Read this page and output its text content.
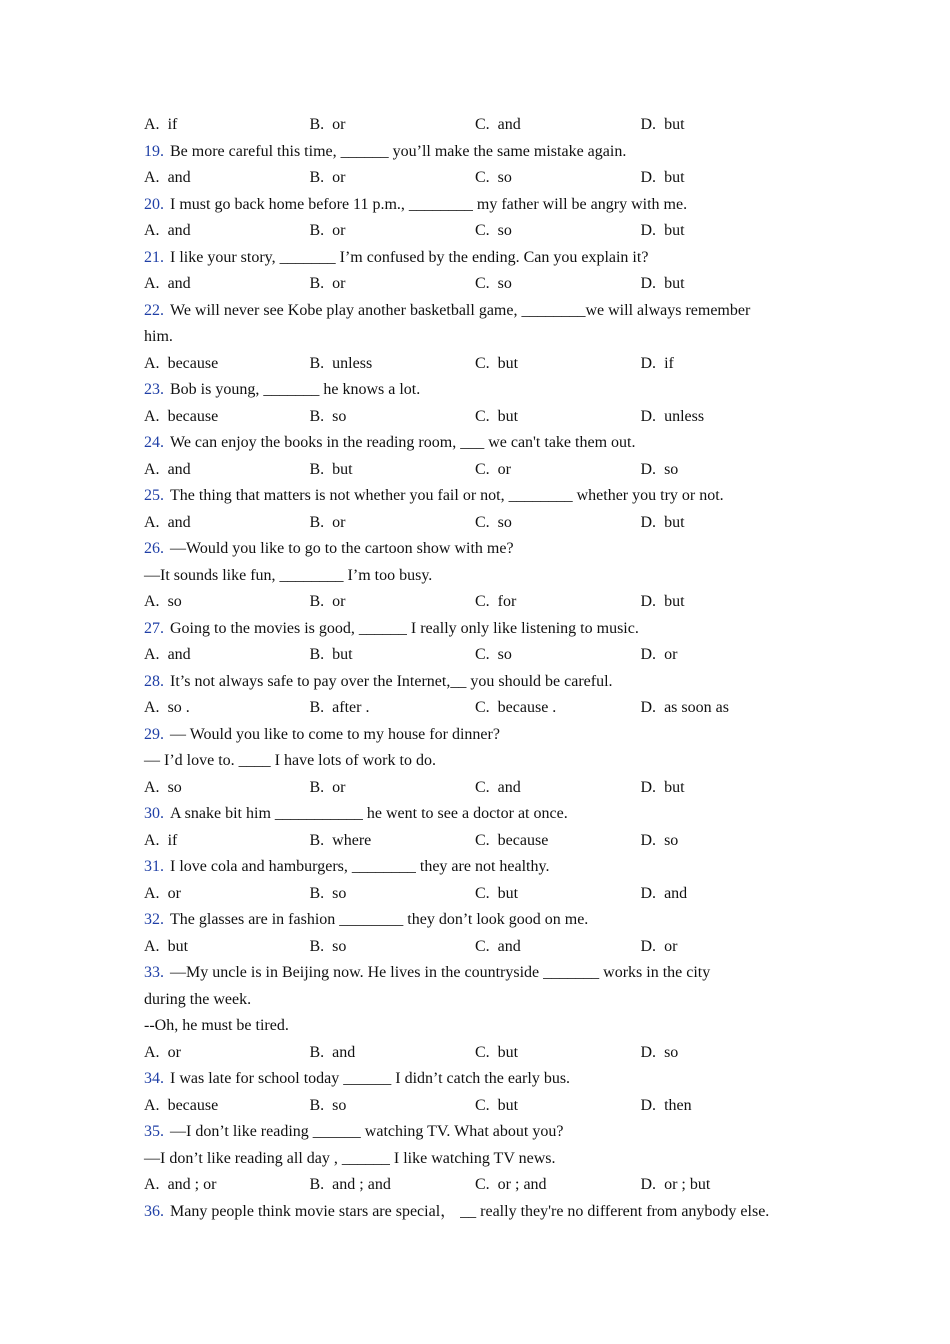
A. if	B. or	C. and	D. but
19. Be more careful this time, ______ you’ll make the same mistake again.
A. and	B. or	C. so	D. but
20. I must go back home before 11 p.m., ________ my father will be angry with me.
A. and	B. or	C. so	D. but
21. I like your story, _______ I’m confused by the ending. Can you explain it?
A. and	B. or	C. so	D. but
22. We will never see Kobe play another basketball game, ________we will always remember
him.
A. because	B. unless	C. but	D. if
23. Bob is young, _______ he knows a lot.
A. because	B. so	C. but	D. unless
24. We can enjoy the books in the reading room, ___ we can't take them out.
A. and	B. but	C. or	D. so
25. The thing that matters is not whether you fail or not, ________ whether you try or not.
A. and	B. or	C. so	D. but
26. —Would you like to go to the cartoon show with me?
—It sounds like fun, ________ I’m too busy.
A. so	B. or	C. for	D. but
27. Going to the movies is good, ______ I really only like listening to music.
A. and	B. but	C. so	D. or
28. It’s not always safe to pay over the Internet,__ you should be careful.
A. so .	B. after .	C. because .	D. as soon as
29. — Would you like to come to my house for dinner?
— I’d love to. ____ I have lots of work to do.
A. so	B. or	C. and	D. but
30. A snake bit him ___________ he went to see a doctor at once.
A. if	B. where	C. because	D. so
31. I love cola and hamburgers, ________ they are not healthy.
A. or	B. so	C. but	D. and
32. The glasses are in fashion ________ they don’t look good on me.
A. but	B. so	C. and	D. or
33. —My uncle is in Beijing now. He lives in the countryside _______ works in the city
during the week.
--Oh, he must be tired.
A. or	B. and	C. but	D. so
34. I was late for school today ______ I didn’t catch the early bus.
A. because	B. so	C. but	D. then
35. —I don’t like reading ______ watching TV. What about you?
—I don’t like reading all day , ______ I like watching TV news.
A. and ; or	B. and ; and	C. or ; and	D. or ; but
36. Many people think movie stars are special， __ really they're no different from anybody else.
